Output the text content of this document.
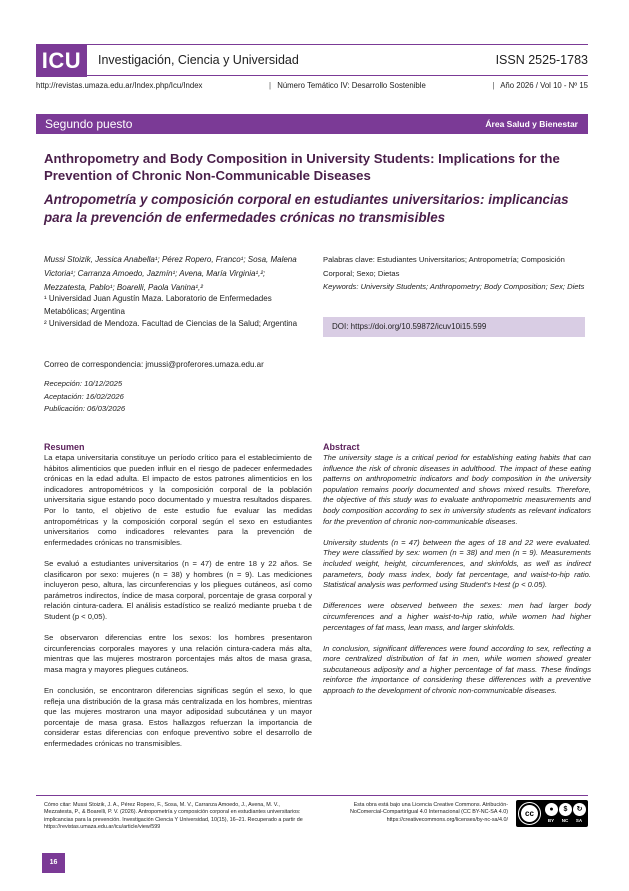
ICU	Investigación, Ciencia y Universidad	ISSN 2525-1783
http://revistas.umaza.edu.ar/Index.php/Icu/Index	| Número Temático IV: Desarrollo Sostenible	| Año 2026 / Vol 10 - Nº 15
Segundo puesto	Área Salud y Bienestar
Anthropometry and Body Composition in University Students: Implications for the Prevention of Chronic Non-Communicable Diseases
Antropometría y composición corporal en estudiantes universitarios: implicancias para la prevención de enfermedades crónicas no transmisibles
Mussi Stoizik, Jessica Anabella¹; Pérez Ropero, Franco¹; Sosa, Malena Victoria¹; Carranza Amoedo, Jazmín¹; Avena, María Virginia¹,²; Mezzatesta, Pablo¹; Boarelli, Paola Vanina¹,²

¹ Universidad Juan Agustín Maza. Laboratorio de Enfermedades Metabólicas; Argentina

² Universidad de Mendoza. Facultad de Ciencias de la Salud; Argentina

Correo de correspondencia: jmussi@proferores.umaza.edu.ar
Recepción: 10/12/2025
Aceptación: 16/02/2026
Publicación: 06/03/2026
Palabras clave: Estudiantes Universitarios; Antropometría; Composición Corporal; Sexo; Dietas
Keywords: University Students; Anthropometry; Body Composition; Sex; Diets
DOI: https://doi.org/10.59872/icuv10i15.599
Resumen

La etapa universitaria constituye un período crítico para el establecimiento de hábitos alimenticios que pueden influir en el riesgo de padecer enfermedades crónicas en la edad adulta. El impacto de estos patrones alimenticios en los indicadores antropométricos y la composición corporal de la población universitaria sigue estando poco documentado y muestra resultados dispares. Por lo tanto, el objetivo de este estudio fue evaluar las medidas antropométricas y la composición corporal según el sexo en estudiantes universitarios como indicadores relevantes para la prevención de enfermedades crónicas no transmisibles.

Se evaluó a estudiantes universitarios (n = 47) de entre 18 y 22 años. Se clasificaron por sexo: mujeres (n = 38) y hombres (n = 9). Las mediciones incluyeron peso, altura, las circunferencias y los pliegues cutáneos, así como parámetros indirectos, índice de masa corporal, porcentaje de grasa corporal y relación cintura-cadera. El análisis estadístico se realizó mediante prueba t de Student (p < 0,05).

Se observaron diferencias entre los sexos: los hombres presentaron circunferencias corporales mayores y una relación cintura-cadera más alta, mientras que las mujeres mostraron porcentajes más altos de masa grasa, masa magra y mayores pliegues cutáneos.

En conclusión, se encontraron diferencias significas según el sexo, lo que refleja una distribución de la grasa más centralizada en los hombres, mientras que las mujeres mostraron una mayor adiposidad subcutánea y un mayor porcentaje de masa grasa. Estos hallazgos refuerzan la importancia de considerar estas diferencias con enfoque preventivo sobre el desarrollo de enfermedades crónicas no transmisibles.

Abstract

The university stage is a critical period for establishing eating habits that can influence the risk of chronic diseases in adulthood. The impact of these eating patterns on anthropometric indicators and body composition in the university population remains poorly documented and shows mixed results. Therefore, the objective of this study was to evaluate anthropometric measurements and body composition according to sex in university students as relevant indicators for the prevention of chronic non-communicable diseases.

University students (n = 47) between the ages of 18 and 22 were evaluated. They were classified by sex: women (n = 38) and men (n = 9). Measurements included weight, height, circumferences, and skinfolds, as well as indirect parameters, body mass index, body fat percentage, and waist-to-hip ratio. Statistical analysis was performed using Student's t-test (p < 0.05).

Differences were observed between the sexes: men had larger body circumferences and a higher waist-to-hip ratio, while women had higher percentages of fat mass, lean mass, and larger skinfolds.

In conclusion, significant differences were found according to sex, reflecting a more centralized distribution of fat in men, while women showed greater subcutaneous adiposity and a higher percentage of fat mass. These findings reinforce the importance of considering these differences with a preventive approach to the development of chronic non-communicable diseases.

Cómo citar: Mussi Stoizik, J. A., Pérez Ropero, F., Sosa, M. V., Carranza Amoedo, J., Avena, M. V., Mezzatesta, P., & Boarelli, P. V. (2026). Antropometría y composición corporal en estudiantes universitarios: implicancias para la prevención. Investigación Ciencia Y Universidad, 10(15), 16–21. Recuperado a partir de https://revistas.umaza.edu.ar/icu/article/view/599
Esta obra está bajo una Licencia Creative Commons. Atribución-NoComercial-CompartirIgual 4.0 Internacional (CC BY-NC-SA 4.0) https://creativecommons.org/licenses/by-nc-sa/4.0/
cc	●	$	↻
BY	NC	SA
16
